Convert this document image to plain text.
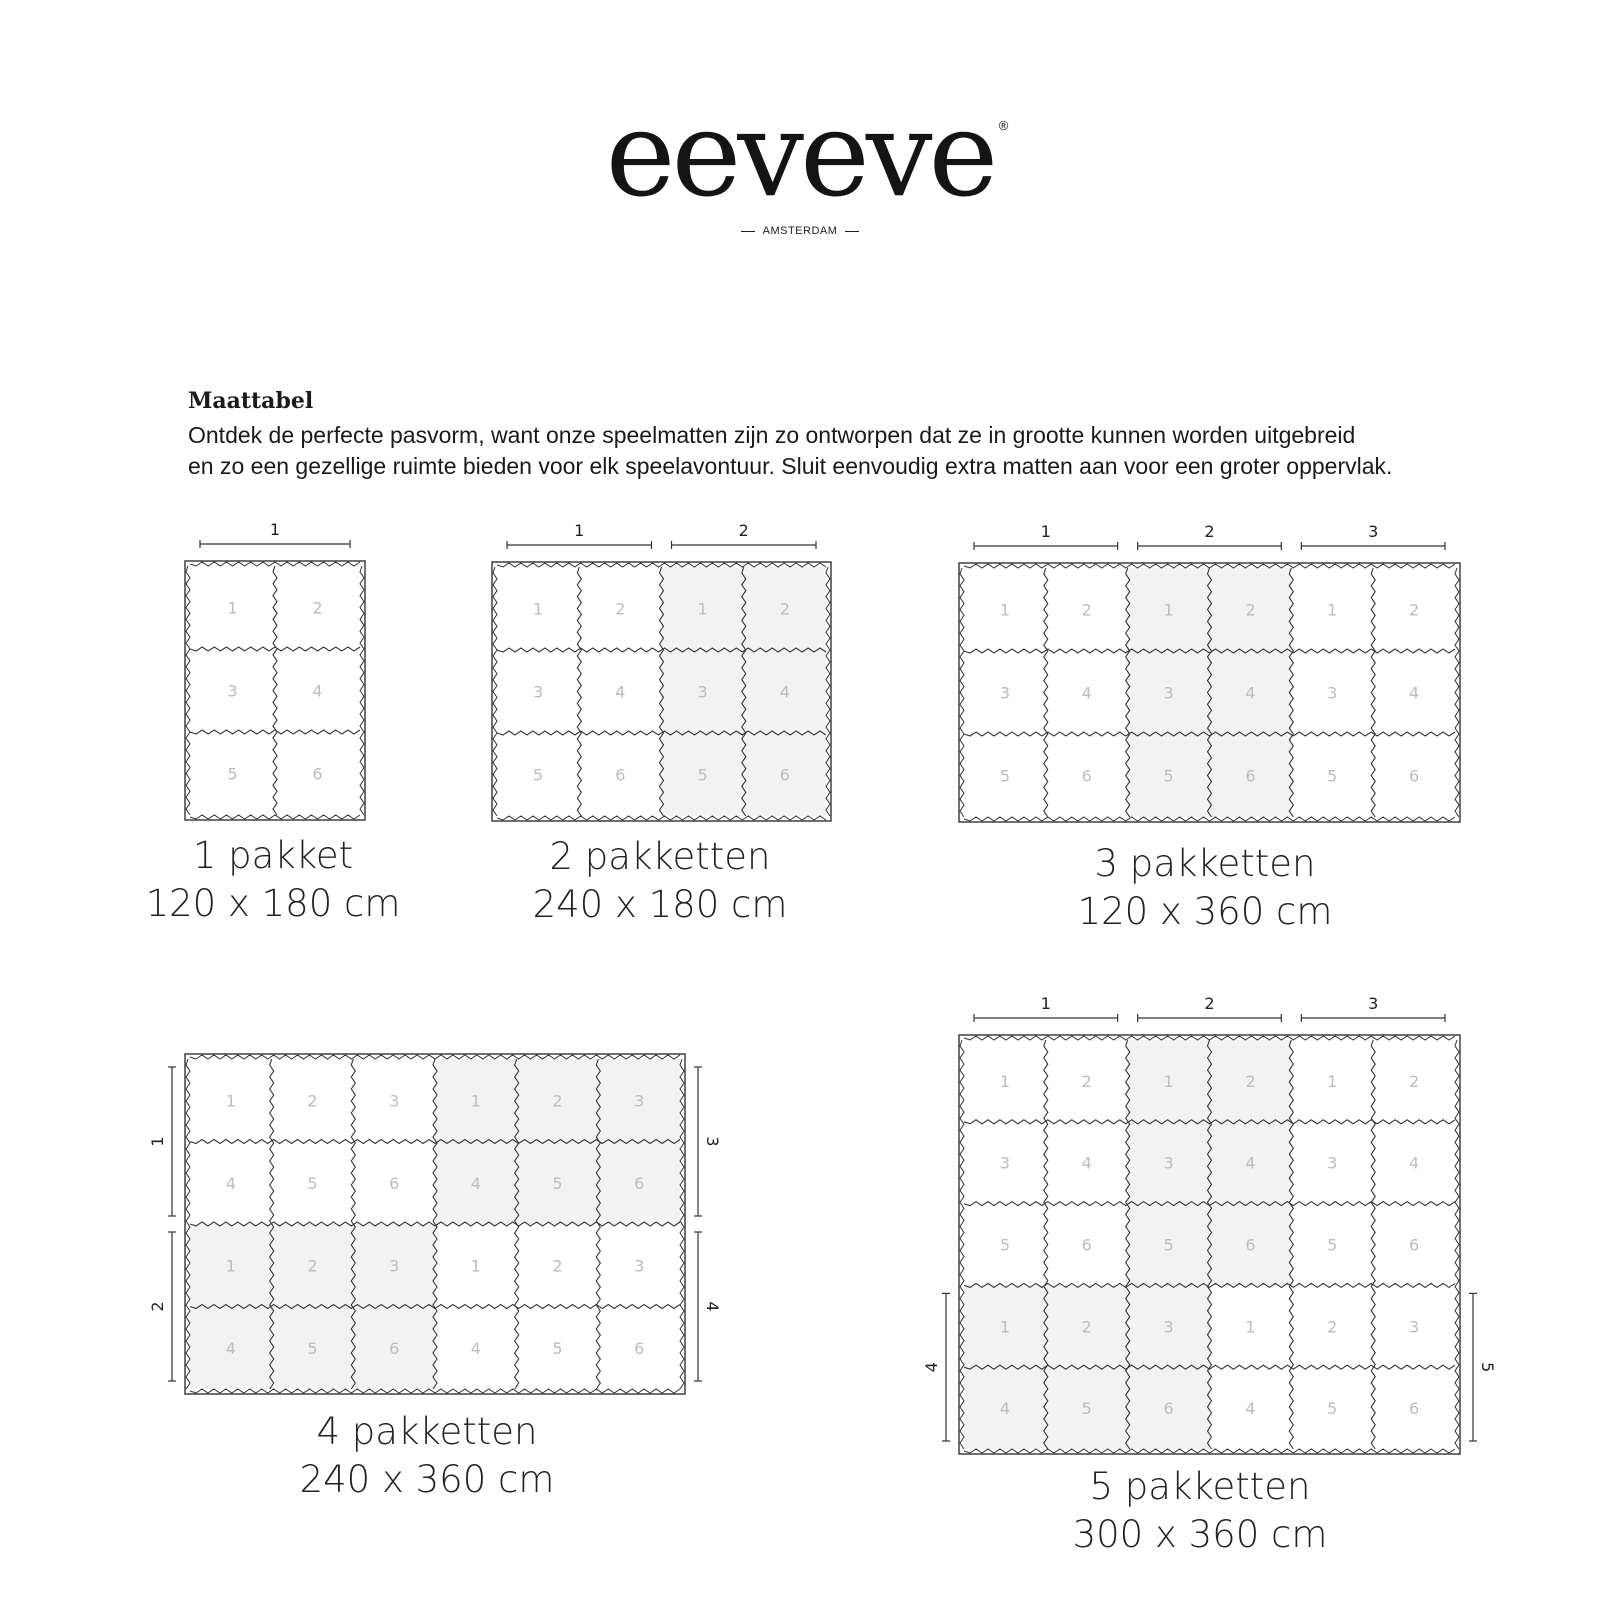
eeveve ®
AMSTERDAM
Maattabel

Ontdek de perfecte pasvorm, want onze speelmatten zijn zo ontworpen dat ze in grootte kunnen worden uitgebreid

en zo een gezellige ruimte bieden voor elk speelavontuur. Sluit eenvoudig extra matten aan voor een groter oppervlak.

1	2
3	4
5	6
1
1	2	1	2
3	4	3	4
5	6	5	6
1	2
1	2	1	2	1	2
3	4	3	4	3	4
5	6	5	6	5	6
1	2	3
1	2	3	1	2	3
4	5	6	4	5	6
1	2	3	1	2	3
4	5	6	4	5	6
1
2
3
4
1	2	1	2	1	2
3	4	3	4	3	4
5	6	5	6	5	6
1	2	3	1	2	3
4	5	6	4	5	6
1	2	3
4	5
1 pakket
120 x 180 cm
2 pakketten
240 x 180 cm
3 pakketten
120 x 360 cm
4 pakketten
240 x 360 cm	5 pakketten
300 x 360 cm
